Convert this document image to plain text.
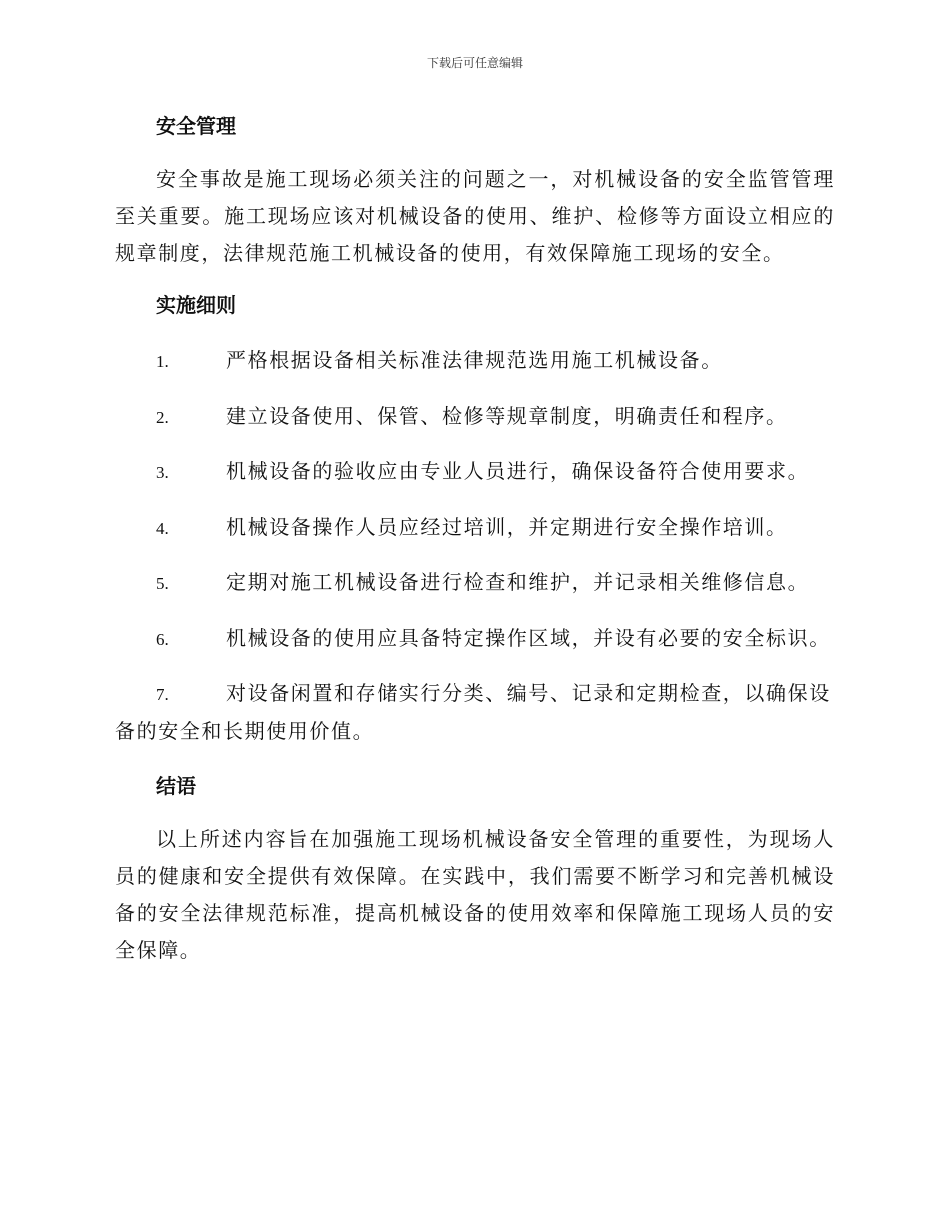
下载后可任意编辑
安全管理

安全事故是施工现场必须关注的问题之一，对机械设备的安全监管管理至关重要。施工现场应该对机械设备的使用、维护、检修等方面设立相应的规章制度，法律规范施工机械设备的使用，有效保障施工现场的安全。

实施细则
1.	严格根据设备相关标准法律规范选用施工机械设备。
2.	建立设备使用、保管、检修等规章制度，明确责任和程序。
3.	机械设备的验收应由专业人员进行，确保设备符合使用要求。
4.	机械设备操作人员应经过培训，并定期进行安全操作培训。
5.	定期对施工机械设备进行检查和维护，并记录相关维修信息。
6.	机械设备的使用应具备特定操作区域，并设有必要的安全标识。
7.	对设备闲置和存储实行分类、编号、记录和定期检查，以确保设备的安全和长期使用价值。
结语

以上所述内容旨在加强施工现场机械设备安全管理的重要性，为现场人员的健康和安全提供有效保障。在实践中，我们需要不断学习和完善机械设备的安全法律规范标准，提高机械设备的使用效率和保障施工现场人员的安全保障。
